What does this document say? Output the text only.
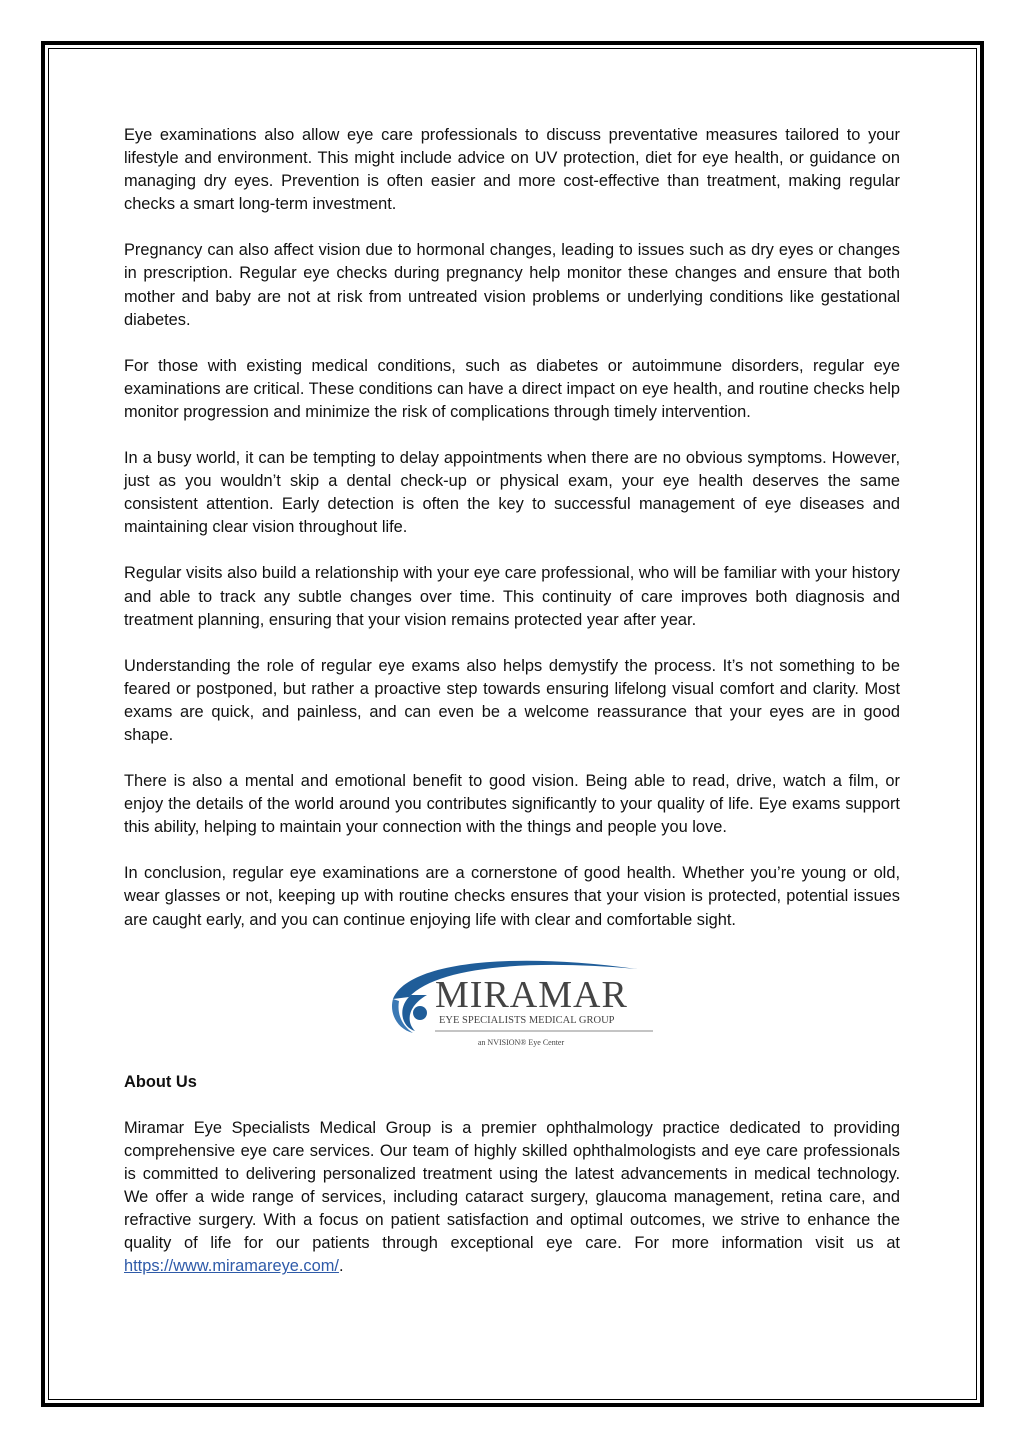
Eye examinations also allow eye care professionals to discuss preventative measures tailored to your lifestyle and environment. This might include advice on UV protection, diet for eye health, or guidance on managing dry eyes. Prevention is often easier and more cost-effective than treatment, making regular checks a smart long-term investment.

Pregnancy can also affect vision due to hormonal changes, leading to issues such as dry eyes or changes in prescription. Regular eye checks during pregnancy help monitor these changes and ensure that both mother and baby are not at risk from untreated vision problems or underlying conditions like gestational diabetes.

For those with existing medical conditions, such as diabetes or autoimmune disorders, regular eye examinations are critical. These conditions can have a direct impact on eye health, and routine checks help monitor progression and minimize the risk of complications through timely intervention.

In a busy world, it can be tempting to delay appointments when there are no obvious symptoms. However, just as you wouldn’t skip a dental check-up or physical exam, your eye health deserves the same consistent attention. Early detection is often the key to successful management of eye diseases and maintaining clear vision throughout life.

Regular visits also build a relationship with your eye care professional, who will be familiar with your history and able to track any subtle changes over time. This continuity of care improves both diagnosis and treatment planning, ensuring that your vision remains protected year after year.

Understanding the role of regular eye exams also helps demystify the process. It’s not something to be feared or postponed, but rather a proactive step towards ensuring lifelong visual comfort and clarity. Most exams are quick, and painless, and can even be a welcome reassurance that your eyes are in good shape.

There is also a mental and emotional benefit to good vision. Being able to read, drive, watch a film, or enjoy the details of the world around you contributes significantly to your quality of life. Eye exams support this ability, helping to maintain your connection with the things and people you love.

In conclusion, regular eye examinations are a cornerstone of good health. Whether you’re young or old, wear glasses or not, keeping up with routine checks ensures that your vision is protected, potential issues are caught early, and you can continue enjoying life with clear and comfortable sight.

MIRAMAR
EYE SPECIALISTS MEDICAL GROUP
an NVISION® Eye Center

About Us

Miramar Eye Specialists Medical Group is a premier ophthalmology practice dedicated to providing comprehensive eye care services. Our team of highly skilled ophthalmologists and eye care professionals is committed to delivering personalized treatment using the latest advancements in medical technology. We offer a wide range of services, including cataract surgery, glaucoma management, retina care, and refractive surgery. With a focus on patient satisfaction and optimal outcomes, we strive to enhance the quality of life for our patients through exceptional eye care. For more information visit us at https://www.miramareye.com/.
